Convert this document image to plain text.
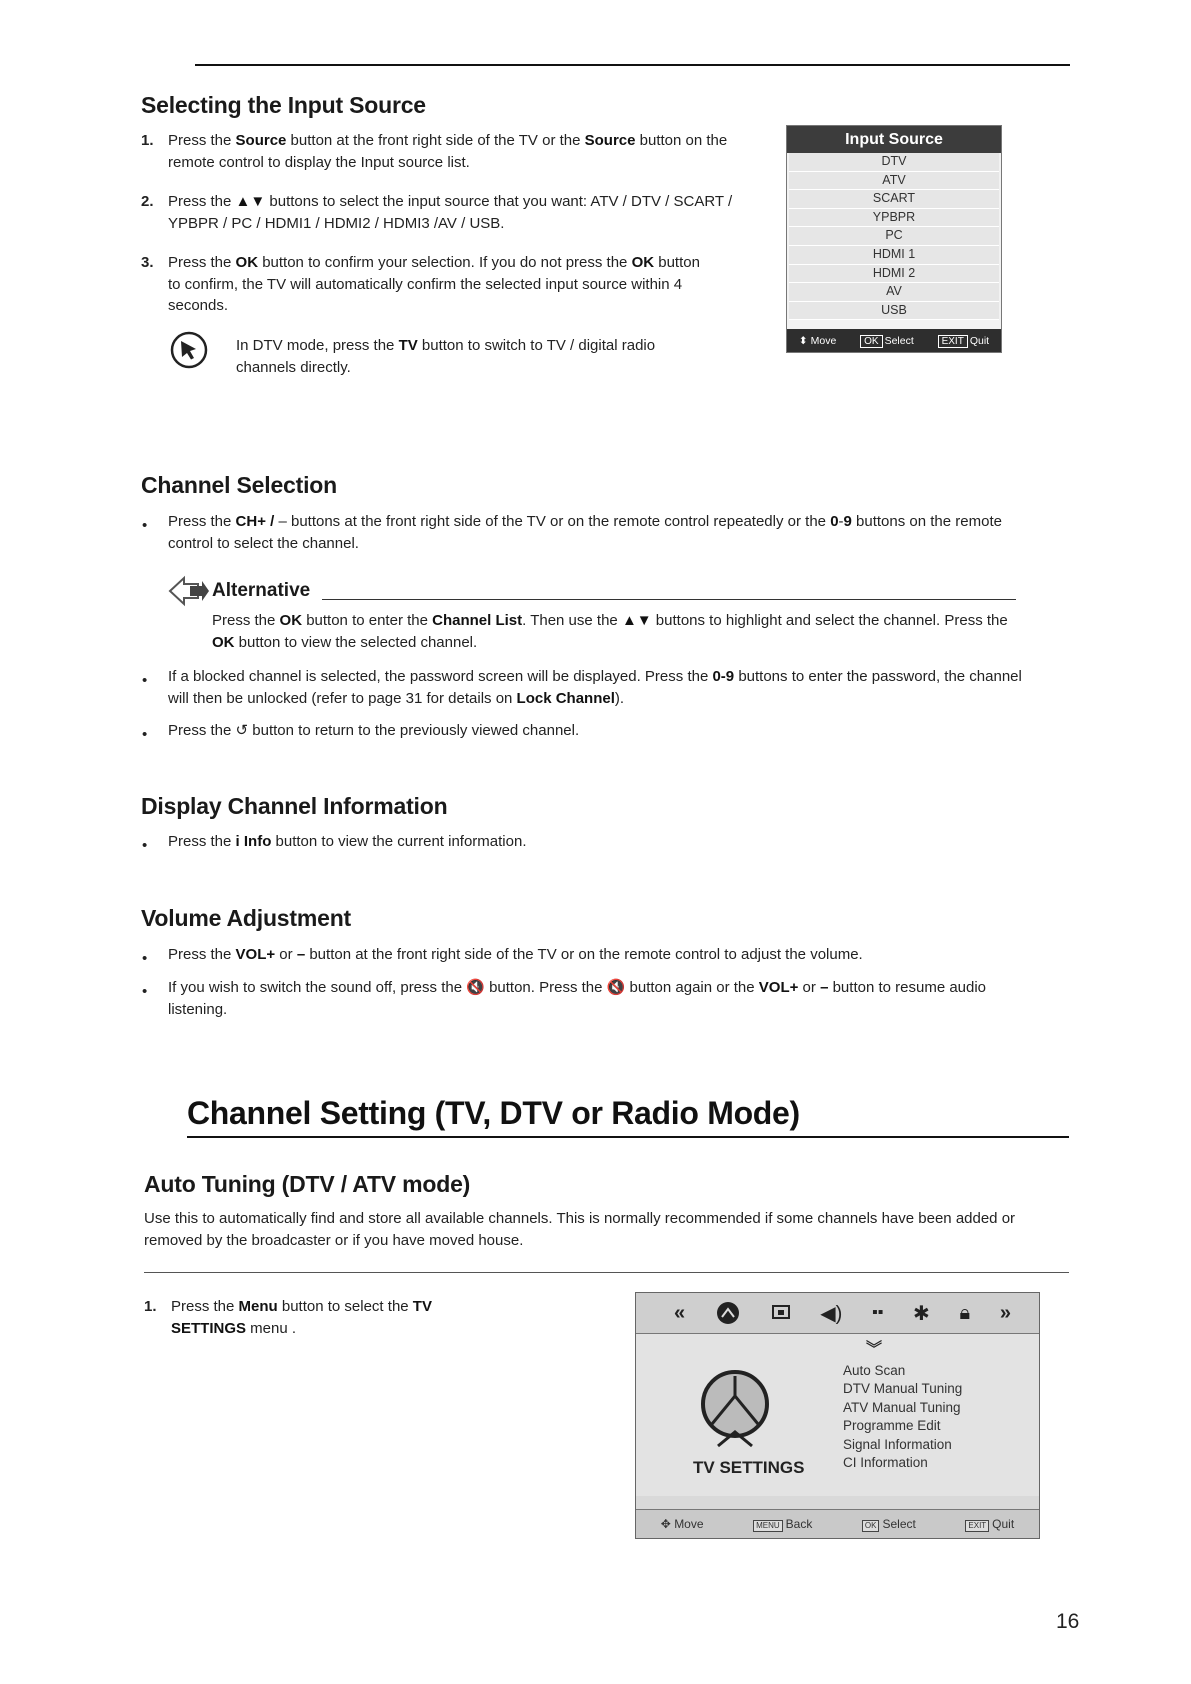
Selecting the Input Source
1. Press the Source button at the front right side of the TV or the Source button on the remote control to display the Input source list.
2. Press the ▲▼ buttons to select the input source that you want: ATV / DTV / SCART / YPBPR / PC / HDMI1 / HDMI2 / HDMI3 /AV / USB.
3. Press the OK button to confirm your selection. If you do not press the OK button to confirm, the TV will automatically confirm the selected input source within 4 seconds.
In DTV mode, press the TV button to switch to TV / digital radio channels directly.
Input Source
DTV
ATV
SCART
YPBPR
PC
HDMI 1
HDMI 2
AV
USB
⬍ Move	OK Select	EXIT Quit
Channel Selection
• Press the CH+ / – buttons at the front right side of the TV or on the remote control repeatedly or the 0-9 buttons on the remote control to select the channel.
Alternative
Press the OK button to enter the Channel List. Then use the ▲▼ buttons to highlight and select the channel. Press the OK button to view the selected channel.
• If a blocked channel is selected, the password screen will be displayed. Press the 0-9 buttons to enter the password, the channel will then be unlocked (refer to page 31 for details on Lock Channel).
• Press the ↺ button to return to the previously viewed channel.
Display Channel Information
• Press the i Info button to view the current information.
Volume Adjustment
• Press the VOL+ or – button at the front right side of the TV or on the remote control to adjust the volume.
• If you wish to switch the sound off, press the 🔇 button. Press the 🔇 button again or the VOL+ or – button to resume audio listening.
Channel Setting (TV, DTV or Radio Mode)
Auto Tuning (DTV / ATV mode)
Use this to automatically find and store all available channels. This is normally recommended if some channels have been added or removed by the broadcaster or if you have moved house.
1. Press the Menu button to select the TV SETTINGS menu .
«	◀) ▪▪ ✱ 🔒︎ »
︾
TV SETTINGS
Auto Scan
DTV Manual Tuning
ATV Manual Tuning
Programme Edit
Signal Information
CI Information
✥ Move	MENU Back	OK Select	EXIT Quit
16
